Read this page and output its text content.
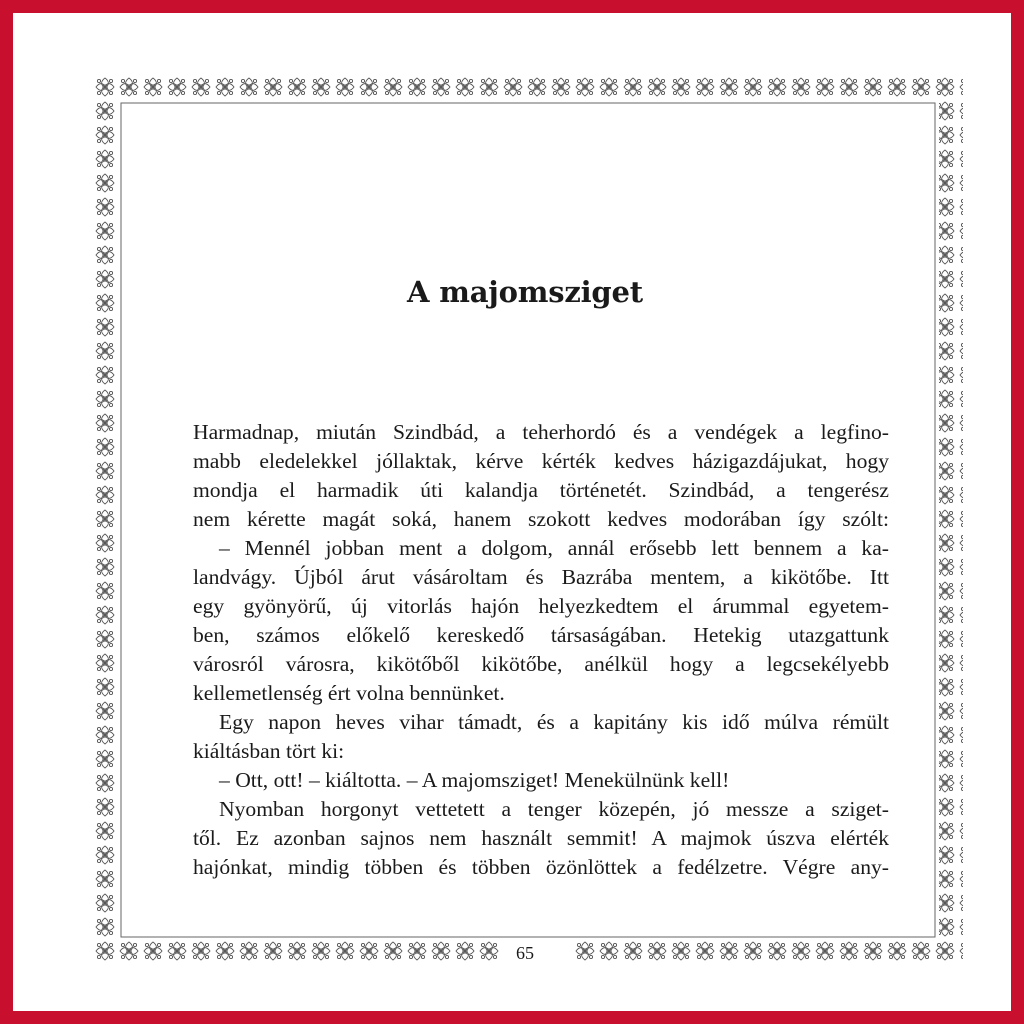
A majomsziget
Harmadnap, miután Szindbád, a teherhordó és a vendégek a legfino-
mabb eledelekkel jóllaktak, kérve kérték kedves házigazdájukat, hogy
mondja el harmadik úti kalandja történetét. Szindbád, a tengerész
nem kérette magát soká, hanem szokott kedves modorában így szólt:
– Mennél jobban ment a dolgom, annál erősebb lett bennem a ka-
landvágy. Újból árut vásároltam és Bazrába mentem, a kikötőbe. Itt
egy gyönyörű, új vitorlás hajón helyezkedtem el árummal egyetem-
ben, számos előkelő kereskedő társaságában. Hetekig utazgattunk
városról városra, kikötőből kikötőbe, anélkül hogy a legcsekélyebb
kellemetlenség ért volna bennünket.
Egy napon heves vihar támadt, és a kapitány kis idő múlva rémült
kiáltásban tört ki:
– Ott, ott! – kiáltotta. – A majomsziget! Menekülnünk kell!
Nyomban horgonyt vettetett a tenger közepén, jó messze a sziget-
től. Ez azonban sajnos nem használt semmit! A majmok úszva elérték
hajónkat, mindig többen és többen özönlöttek a fedélzetre. Végre any-
65
